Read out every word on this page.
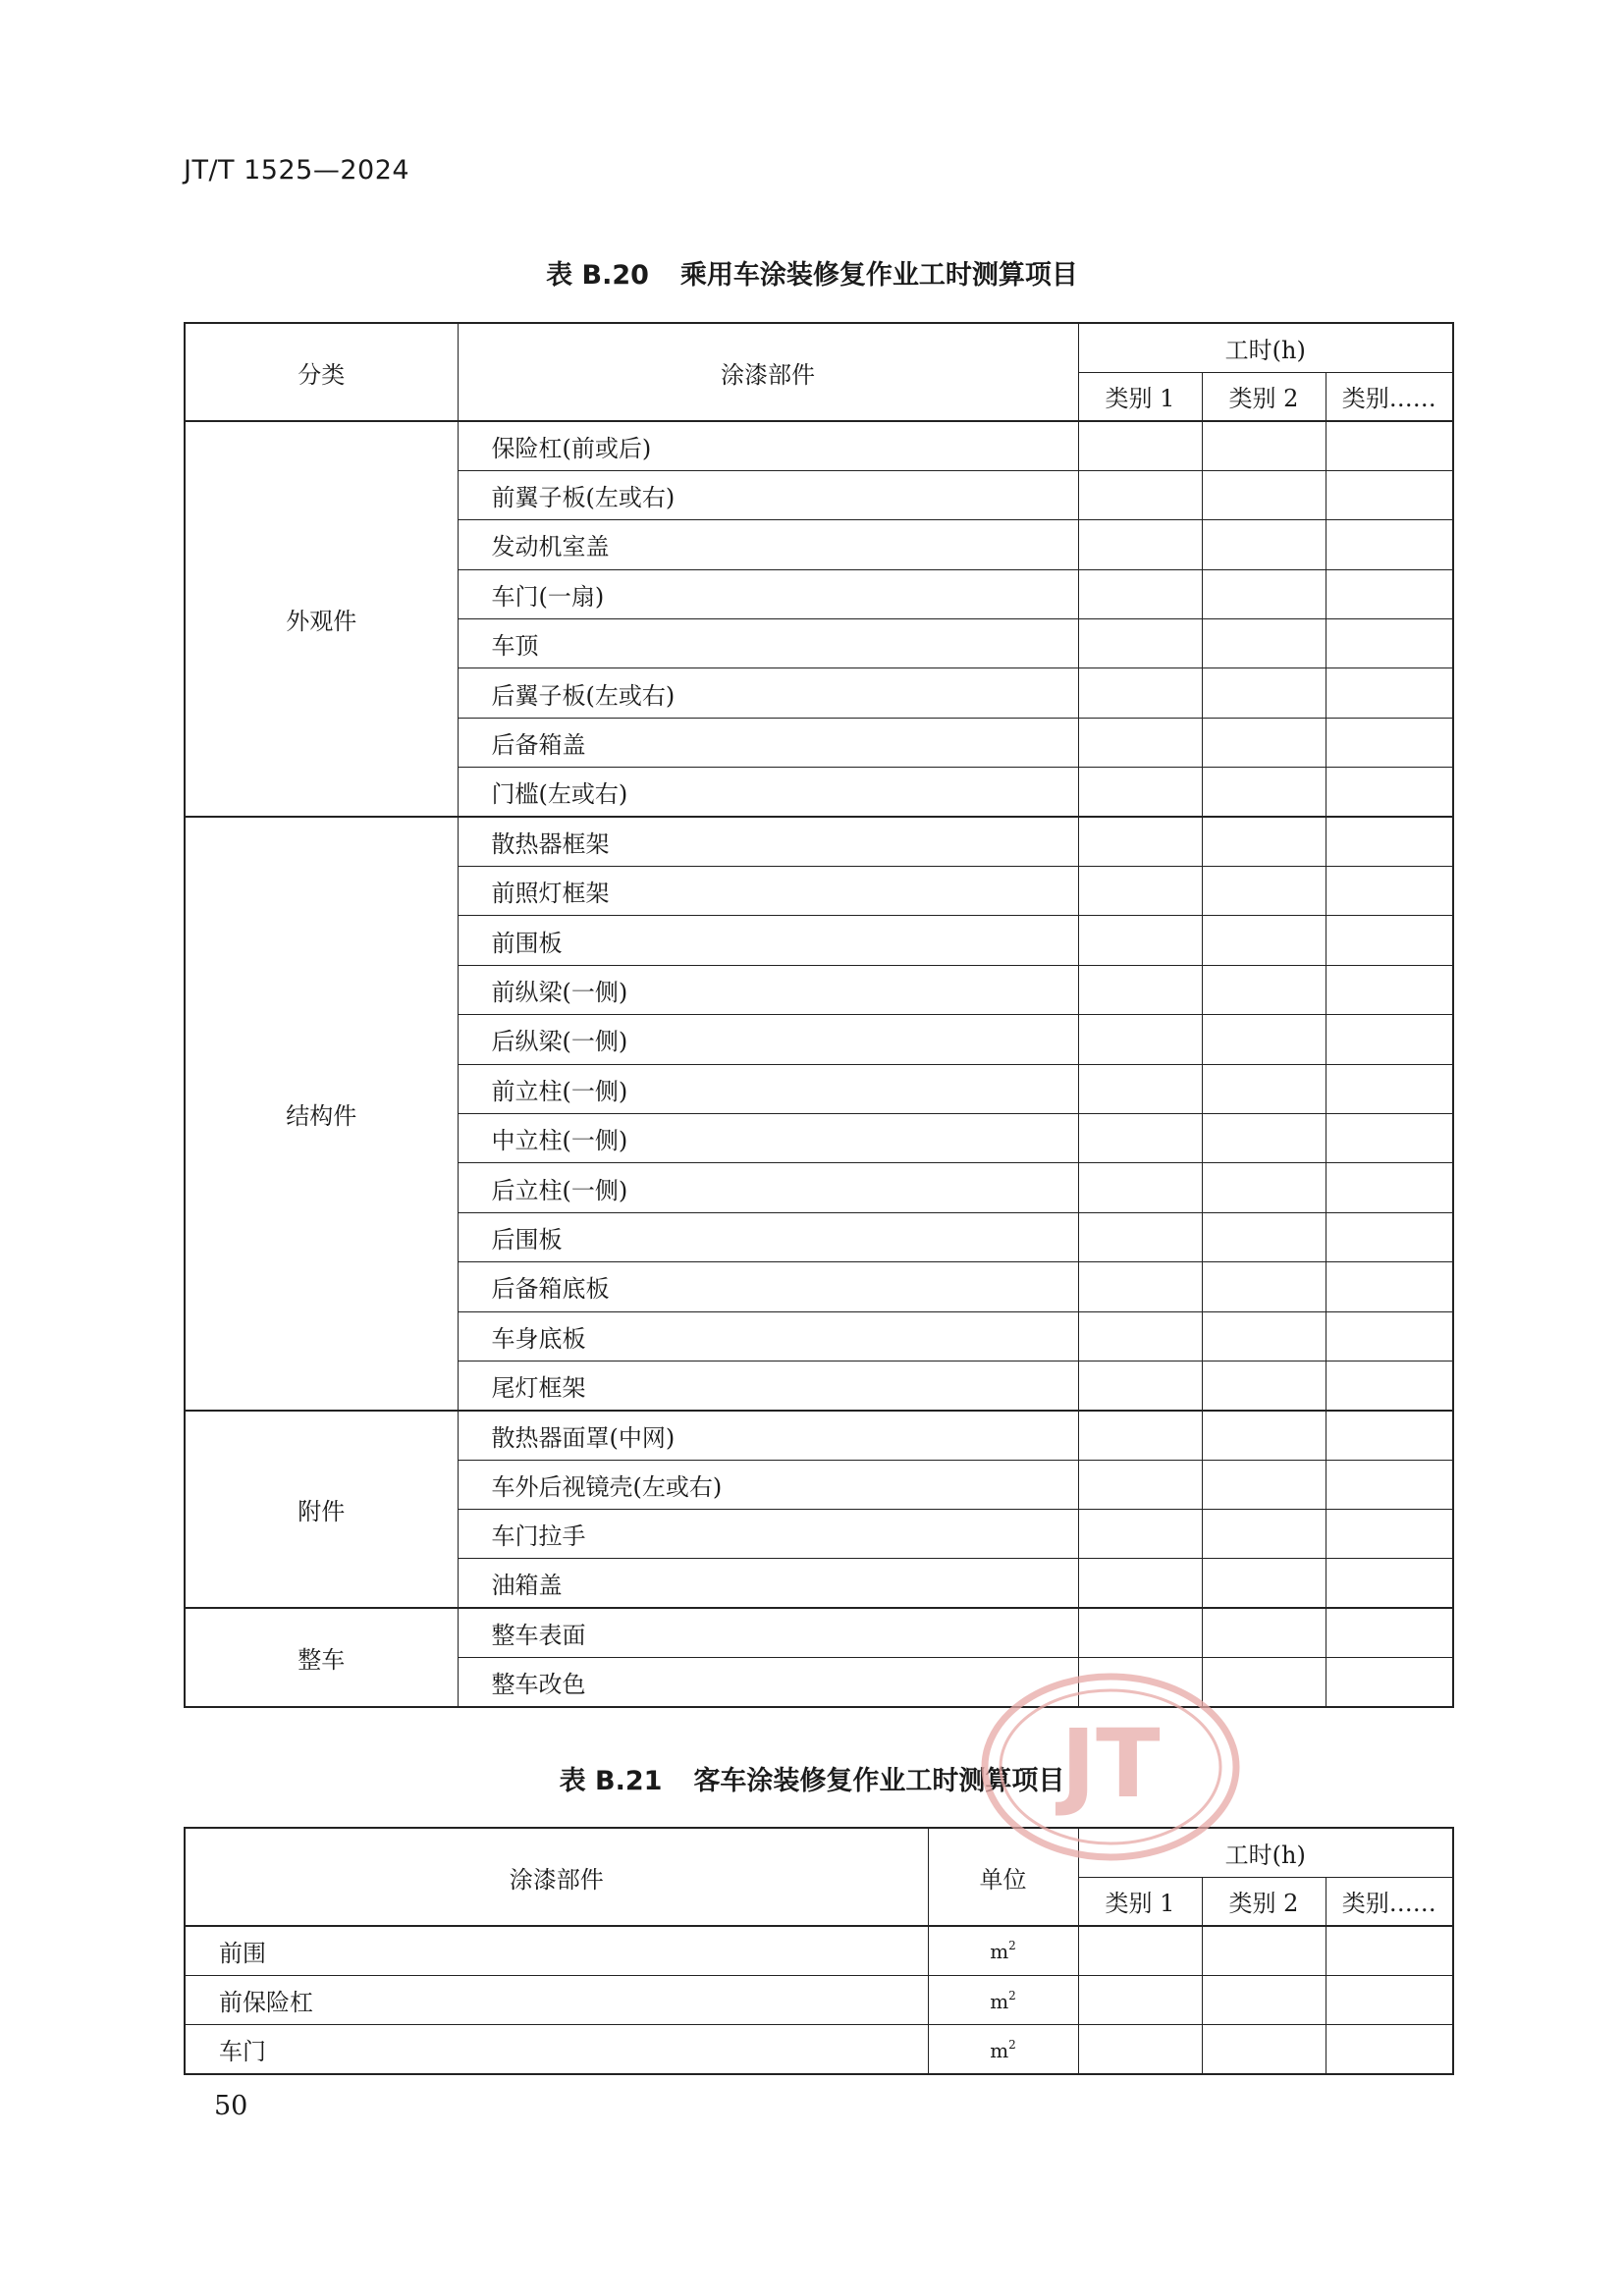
JT/T 1525—2024
表 B.20 乘用车涂装修复作业工时测算项目
分类	涂漆部件	工时(h)		
		类别 1	类别 2	类别……
外观件	保险杠(前或后)			
	前翼子板(左或右)			
	发动机室盖			
	车门(一扇)			
	车顶			
	后翼子板(左或右)			
	后备箱盖			
	门槛(左或右)			
结构件	散热器框架			
	前照灯框架			
	前围板			
	前纵梁(一侧)			
	后纵梁(一侧)			
	前立柱(一侧)			
	中立柱(一侧)			
	后立柱(一侧)			
	后围板			
	后备箱底板			
	车身底板			
	尾灯框架			
附件	散热器面罩(中网)			
	车外后视镜壳(左或右)			
	车门拉手			
	油箱盖			
整车	整车表面			
	整车改色			
表 B.21 客车涂装修复作业工时测算项目
涂漆部件	单位	工时(h)		
		类别 1	类别 2	类别……
前围	$m^2$			
前保险杠	$m^2$			
车门	$m^2$			
JT
50
